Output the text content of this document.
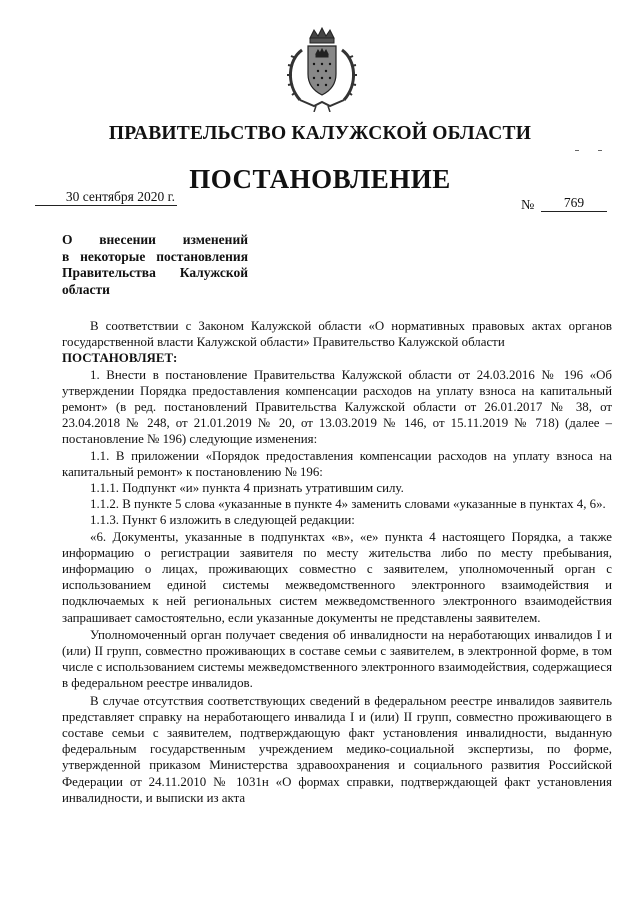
ПРАВИТЕЛЬСТВО КАЛУЖСКОЙ ОБЛАСТИ
ПОСТАНОВЛЕНИЕ
30 сентября 2020 г.
№	769
О внесении изменений
в некоторые постановления
Правительства Калужской
области

В соответствии с Законом Калужской области «О нормативных правовых актах органов государственной власти Калужской области» Правительство Калужской области

ПОСТАНОВЛЯЕТ:

1. Внести в постановление Правительства Калужской области от 24.03.2016 № 196 «Об утверждении Порядка предоставления компенсации расходов на уплату взноса на капитальный ремонт» (в ред. постановлений Правительства Калужской области от 26.01.2017 № 38, от 23.04.2018 № 248, от 21.01.2019 № 20, от 13.03.2019 № 146, от 15.11.2019 № 718) (далее – постановление № 196) следующие изменения:

1.1. В приложении «Порядок предоставления компенсации расходов на уплату взноса на капитальный ремонт» к постановлению № 196:

1.1.1. Подпункт «и» пункта 4 признать утратившим силу.

1.1.2. В пункте 5 слова «указанные в пункте 4» заменить словами «указанные в пунктах 4, 6».

1.1.3. Пункт 6 изложить в следующей редакции:

«6. Документы, указанные в подпунктах «в», «е» пункта 4 настоящего Порядка, а также информацию о регистрации заявителя по месту жительства либо по месту пребывания, информацию о лицах, проживающих совместно с заявителем, уполномоченный орган с использованием единой системы межведомственного электронного взаимодействия и подключаемых к ней региональных систем межведомственного электронного взаимодействия запрашивает самостоятельно, если указанные документы не представлены заявителем.

Уполномоченный орган получает сведения об инвалидности на неработающих инвалидов I и (или) II групп, совместно проживающих в составе семьи с заявителем, в электронной форме, в том числе с использованием системы межведомственного электронного взаимодействия, содержащиеся в федеральном реестре инвалидов.

В случае отсутствия соответствующих сведений в федеральном реестре инвалидов заявитель представляет справку на неработающего инвалида I и (или) II групп, совместно проживающего в составе семьи с заявителем, подтверждающую факт установления инвалидности, выданную федеральным государственным учреждением медико-социальной экспертизы, по форме, утвержденной приказом Министерства здравоохранения и социального развития Российской Федерации от 24.11.2010 № 1031н «О формах справки, подтверждающей факт установления инвалидности, и выписки из акта
